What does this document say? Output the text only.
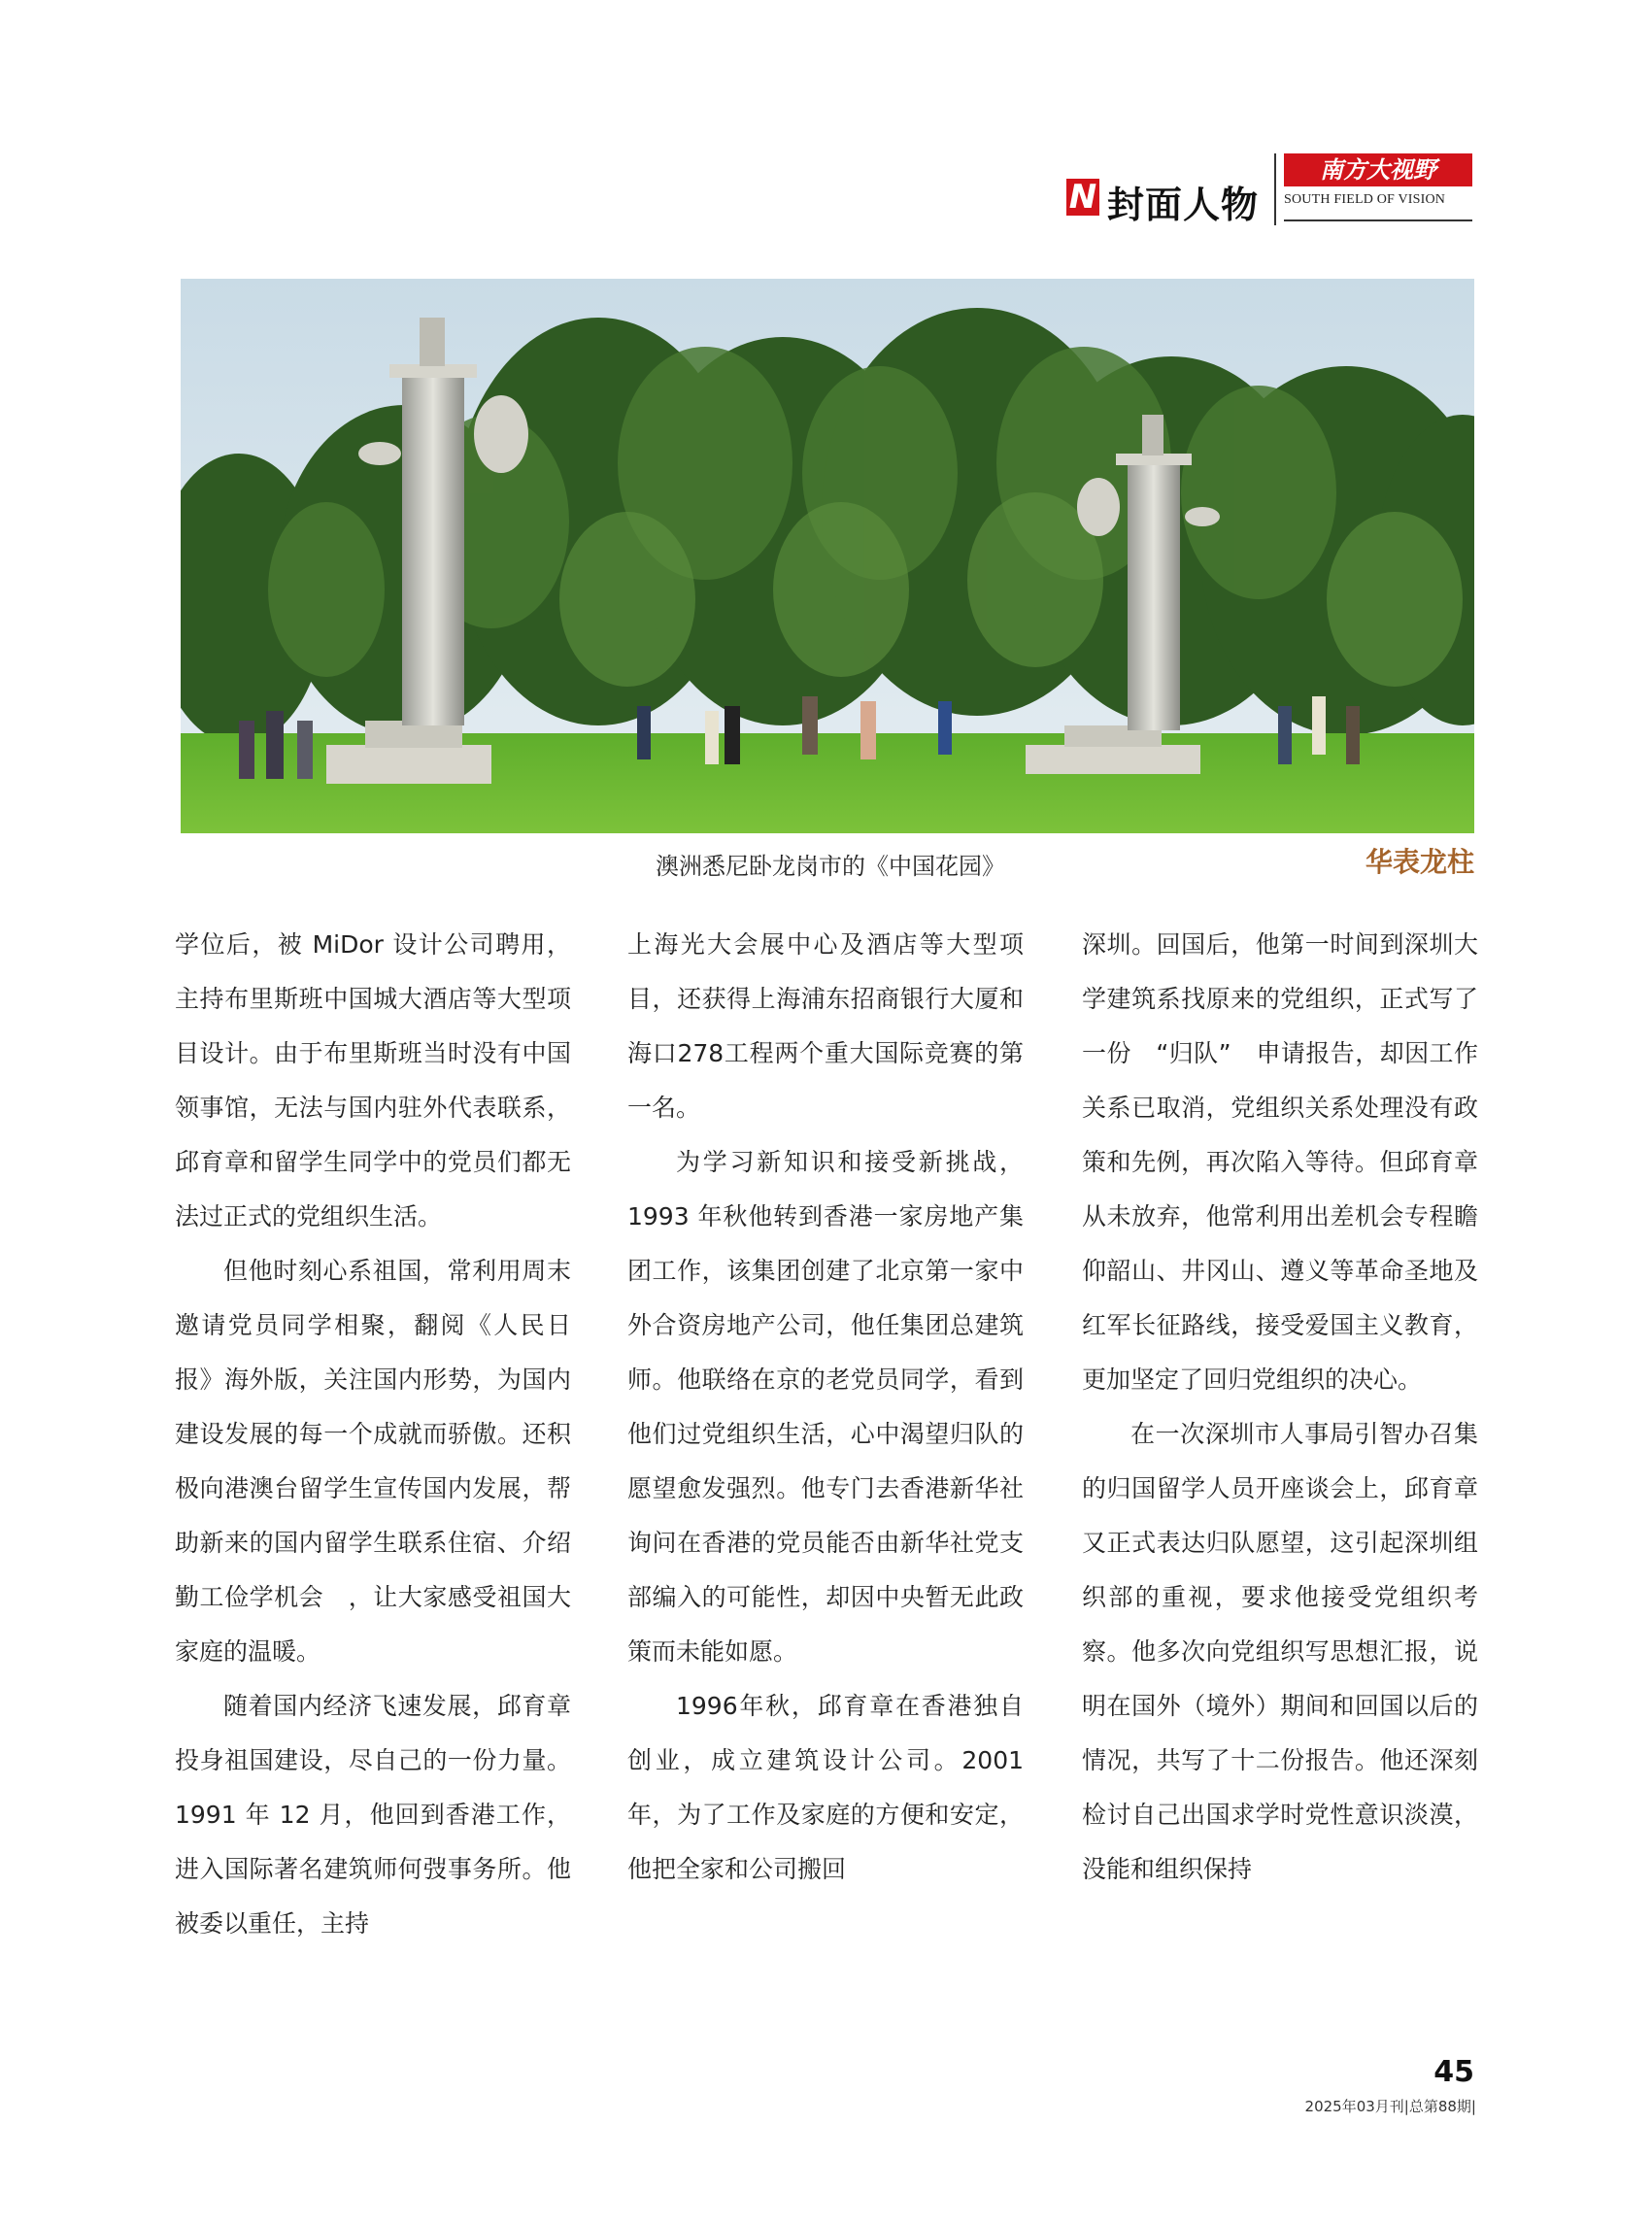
N 封面人物
南方大视野
SOUTH FIELD OF VISION
澳洲悉尼卧龙岗市的《中国花园》	华表龙柱

学位后，被 MiDor 设计公司聘用，主持布里斯班中国城大酒店等大型项目设计。由于布里斯班当时没有中国领事馆，无法与国内驻外代表联系，邱育章和留学生同学中的党员们都无法过正式的党组织生活。

但他时刻心系祖国，常利用周末邀请党员同学相聚，翻阅《人民日报》海外版，关注国内形势，为国内建设发展的每一个成就而骄傲。还积极向港澳台留学生宣传国内发展，帮助新来的国内留学生联系住宿、介绍勤工俭学机会　，让大家感受祖国大家庭的温暖。

随着国内经济飞速发展，邱育章投身祖国建设，尽自己的一份力量。1991 年 12 月，他回到香港工作，进入国际著名建筑师何弢事务所。他被委以重任，主持

上海光大会展中心及酒店等大型项目，还获得上海浦东招商银行大厦和海口278工程两个重大国际竞赛的第一名。

为学习新知识和接受新挑战，1993 年秋他转到香港一家房地产集团工作，该集团创建了北京第一家中外合资房地产公司，他任集团总建筑师。他联络在京的老党员同学，看到他们过党组织生活，心中渴望归队的愿望愈发强烈。他专门去香港新华社询问在香港的党员能否由新华社党支部编入的可能性，却因中央暂无此政策而未能如愿。

1996年秋，邱育章在香港独自创业，成立建筑设计公司。2001　年，为了工作及家庭的方便和安定，他把全家和公司搬回

深圳。回国后，他第一时间到深圳大学建筑系找原来的党组织，正式写了一份　“归队”　申请报告，却因工作关系已取消，党组织关系处理没有政策和先例，再次陷入等待。但邱育章从未放弃，他常利用出差机会专程瞻仰韶山、井冈山、遵义等革命圣地及红军长征路线，接受爱国主义教育，更加坚定了回归党组织的决心。

在一次深圳市人事局引智办召集的归国留学人员开座谈会上，邱育章又正式表达归队愿望，这引起深圳组织部的重视，要求他接受党组织考察。他多次向党组织写思想汇报，说明在国外（境外）期间和回国以后的情况，共写了十二份报告。他还深刻检讨自己出国求学时党性意识淡漠，没能和组织保持

45
2025年03月刊|总第88期|
